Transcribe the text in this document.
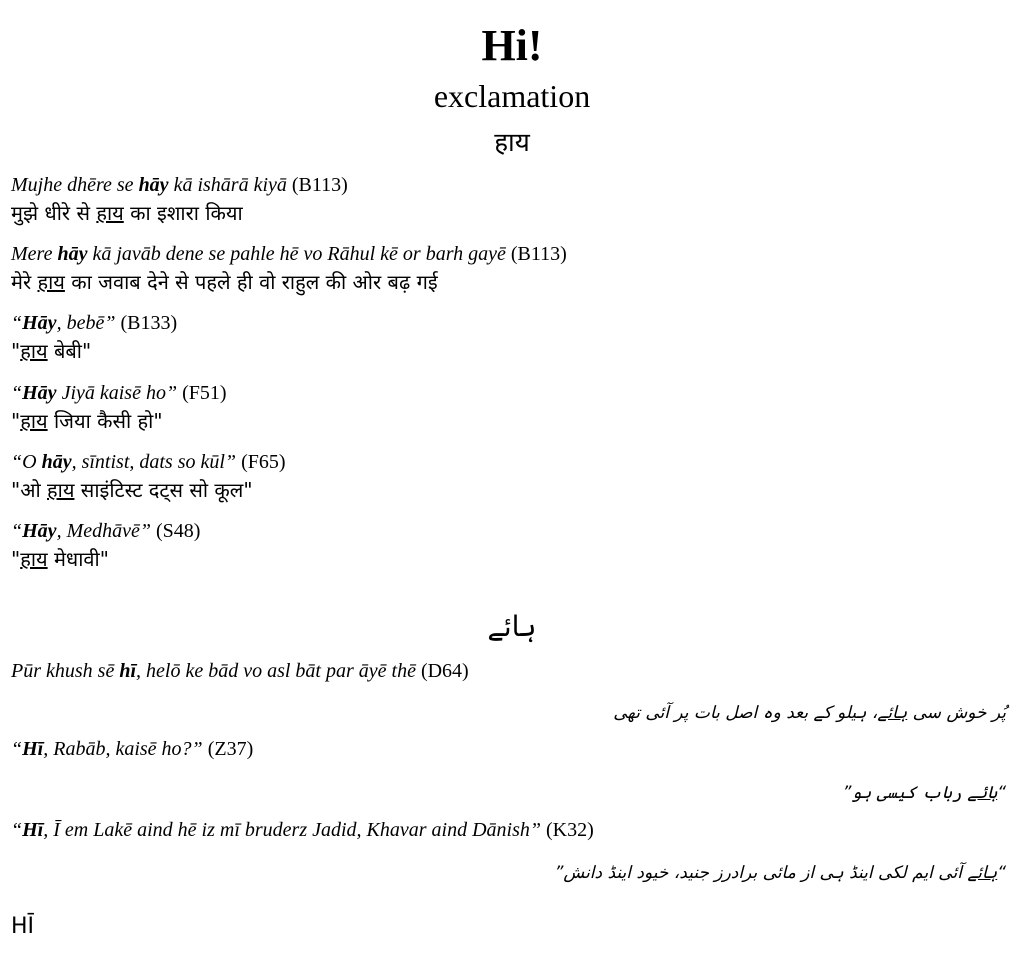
Hi!
exclamation
हाय
Mujhe dhēre se hāy kā ishārā kiyā (B113)
मुझे धीरे से हाय का इशारा किया
Mere hāy kā javāb dene se pahle hē vo Rāhul kē or barh gayē (B113)
मेरे हाय का जवाब देने से पहले ही वो राहुल की ओर बढ़ गई
“Hāy, bebē” (B133)
"हाय बेबी"
“Hāy Jiyā kaisē ho” (F51)
"हाय जिया कैसी हो"
“O hāy, sīntist, dats so kūl” (F65)
"ओ हाय साइंटिस्ट दट्स सो कूल"
“Hāy, Medhāvē” (S48)
"हाय मेधावी"
ہائے
Pūr khush sē hī, helō ke bād vo asl bāt par āyē thē (D64)
پُر خوش سی ہائے، ہیلو کے بعد وہ اصل بات پر آئی تھی
“Hī, Rabāb, kaisē ho?” (Z37)
“ہائے رباب کیسی ہو”
“Hī, Ī em Lakē aind hē iz mī bruderz Jadid, Khavar aind Dānish” (K32)
“ہائے آئی ایم لکی اینڈ ہی از مائی برادرز جنید، خیود اینڈ دانش”
HĪ
